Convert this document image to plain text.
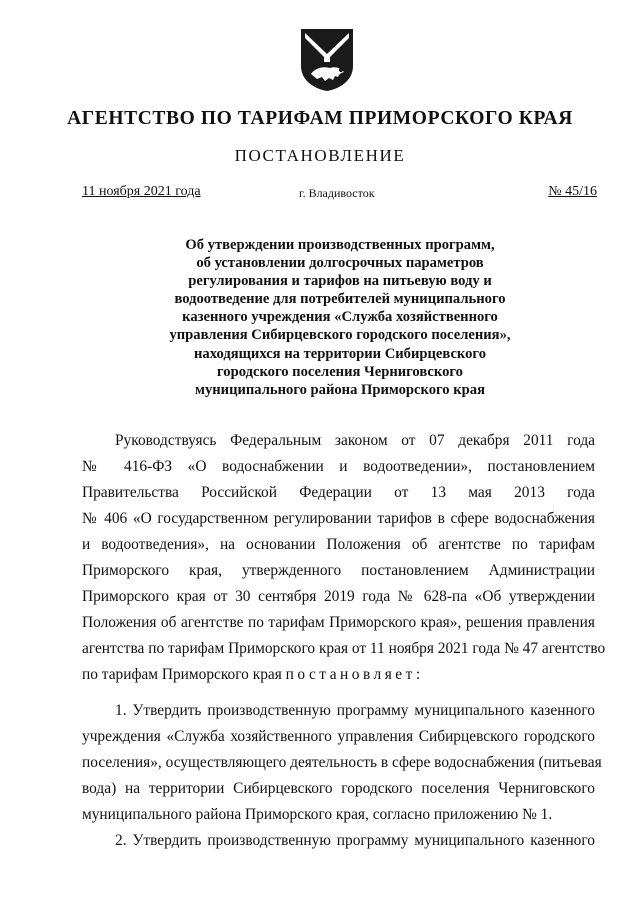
АГЕНТСТВО ПО ТАРИФАМ ПРИМОРСКОГО КРАЯ
ПОСТАНОВЛЕНИЕ
11 ноября 2021 года	г. Владивосток	№ 45/16
Об утверждении производственных программ,
об установлении долгосрочных параметров
регулирования и тарифов на питьевую воду и
водоотведение для потребителей муниципального
казенного учреждения «Служба хозяйственного
управления Сибирцевского городского поселения»,
находящихся на территории Сибирцевского
городского поселения Черниговского
муниципального района Приморского края
Руководствуясь Федеральным законом от 07 декабря 2011 года
№ 416-ФЗ «О водоснабжении и водоотведении», постановлением
Правительства Российской Федерации от 13 мая 2013 года
№ 406 «О государственном регулировании тарифов в сфере водоснабжения
и водоотведения», на основании Положения об агентстве по тарифам
Приморского края, утвержденного постановлением Администрации
Приморского края от 30 сентября 2019 года № 628-па «Об утверждении
Положения об агентстве по тарифам Приморского края», решения правления
агентства по тарифам Приморского края от 11 ноября 2021 года № 47 агентство
по тарифам Приморского края постановляет:
1. Утвердить производственную программу муниципального казенного
учреждения «Служба хозяйственного управления Сибирцевского городского
поселения», осуществляющего деятельность в сфере водоснабжения (питьевая
вода) на территории Сибирцевского городского поселения Черниговского
муниципального района Приморского края, согласно приложению № 1.
2. Утвердить производственную программу муниципального казенного
